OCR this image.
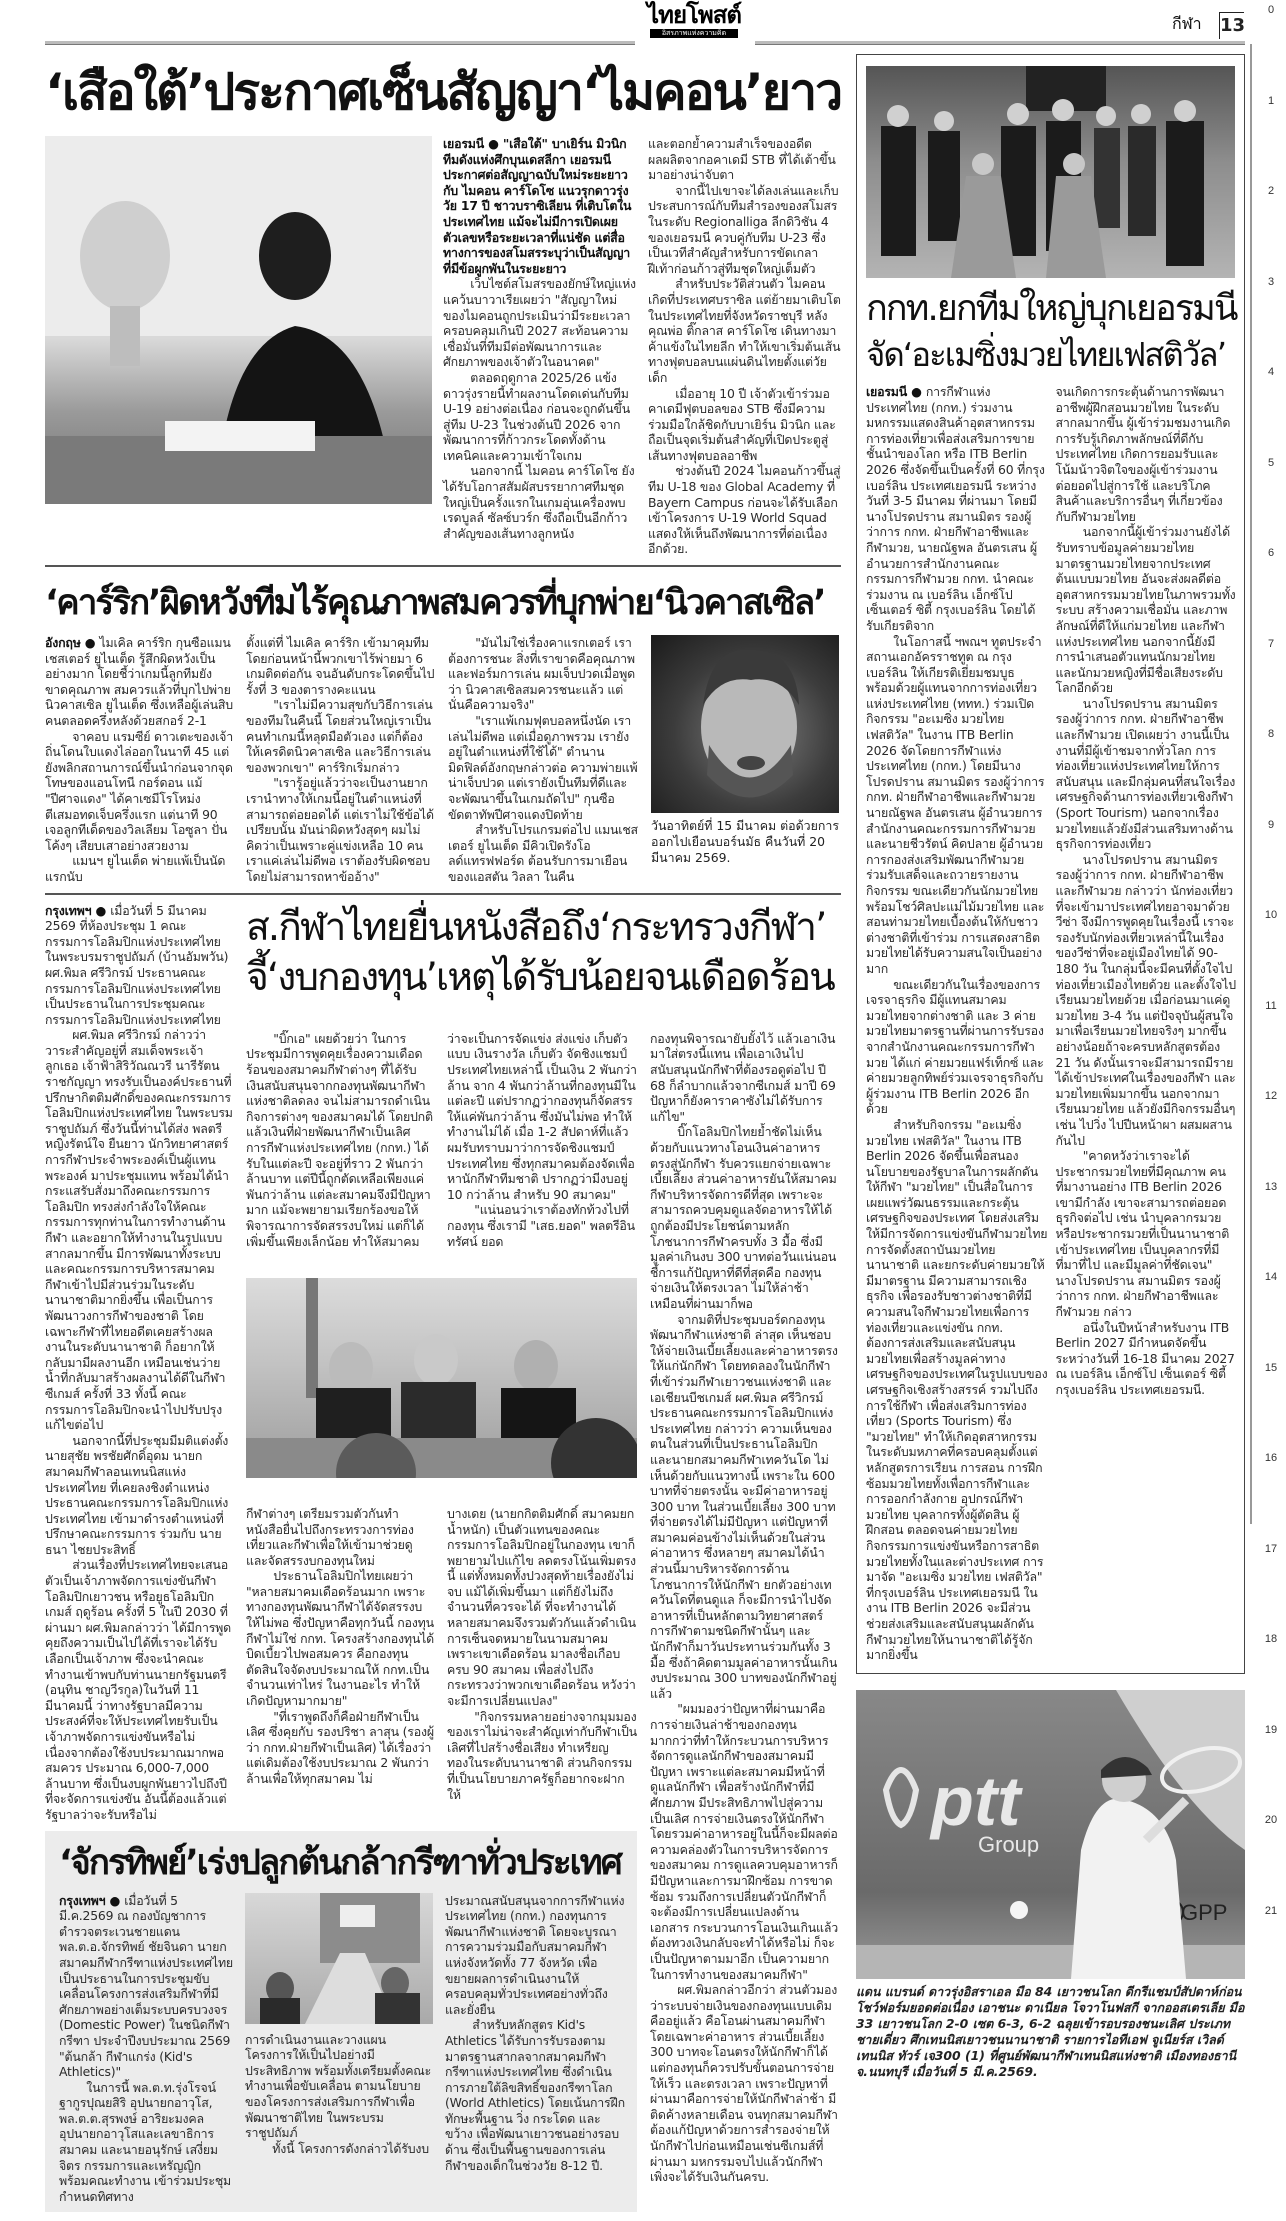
ไทยโพสต์
อิสรภาพแห่งความคิด	กีฬา 13
0
1
2
3
4
5
6
7
8
9
10
11
12
13
14
15
16
17
18
19
20
21
‘เสือใต้’ประกาศเซ็นสัญญา‘ไมคอน’ยาว

เยอรมนี ● "เสือใต้" บาเยิร์น มิวนิก ทีมดังแห่งศึกบุนเดสลีกา เยอรมนี ประกาศต่อสัญญาฉบับใหม่ระยะยาวกับ ไมคอน คาร์โดโซ แนวรุกดาวรุ่งวัย 17 ปี ชาวบราซิเลียน ที่เติบโตในประเทศไทย แม้จะไม่มีการเปิดเผยตัวเลขหรือระยะเวลาที่แน่ชัด แต่สื่อทางการของสโมสรระบุว่าเป็นสัญญาที่มีข้อผูกพันในระยะยาว

เว็บไซต์สโมสรของยักษ์ใหญ่แห่งแคว้นบาวาเรียเผยว่า "สัญญาใหม่ของไมคอนถูกประเมินว่ามีระยะเวลาครอบคลุมเกินปี 2027 สะท้อนความเชื่อมั่นที่ทีมมีต่อพัฒนาการและศักยภาพของเจ้าตัวในอนาคต"

ตลอดฤดูกาล 2025/26 แข้งดาวรุ่งรายนี้ทำผลงานโดดเด่นกับทีม U-19 อย่างต่อเนื่อง ก่อนจะถูกดันขึ้นสู่ทีม U-23 ในช่วงต้นปี 2026 จากพัฒนาการที่ก้าวกระโดดทั้งด้านเทคนิคและความเข้าใจเกม

นอกจากนี้ ไมคอน คาร์โดโซ ยังได้รับโอกาสสัมผัสบรรยากาศทีมชุดใหญ่เป็นครั้งแรกในเกมอุ่นเครื่องพบ เรดบูลล์ ซัลซ์บวร์ก ซึ่งถือเป็นอีกก้าวสำคัญของเส้นทางลูกหนัง

และตอกย้ำความสำเร็จของอดีตผลผลิตจากอคาเดมี STB ที่ได้เต้าขึ้นมาอย่างน่าจับตา

จากนี้ไปเขาจะได้ลงเล่นและเก็บประสบการณ์กับทีมสำรองของสโมสร ในระดับ Regionalliga ลีกดิวิชัน 4 ของเยอรมนี ควบคู่กับทีม U-23 ซึ่งเป็นเวทีสำคัญสำหรับการขัดเกลาฝีเท้าก่อนก้าวสู่ทีมชุดใหญ่เต็มตัว

สำหรับประวัติส่วนตัว ไมคอนเกิดที่ประเทศบราซิล แต่ย้ายมาเติบโตในประเทศไทยที่จังหวัดราชบุรี หลังคุณพ่อ ติ๊กลาส คาร์โดโซ เดินทางมาค้าแข้งในไทยลีก ทำให้เขาเริ่มต้นเส้นทางฟุตบอลบนแผ่นดินไทยตั้งแต่วัยเด็ก

เมื่ออายุ 10 ปี เจ้าตัวเข้าร่วมอคาเดมีฟุตบอลของ STB ซึ่งมีความร่วมมือใกล้ชิดกับบาเยิร์น มิวนิก และถือเป็นจุดเริ่มต้นสำคัญที่เปิดประตูสู่เส้นทางฟุตบอลอาชีพ

ช่วงต้นปี 2024 ไมคอนก้าวขึ้นสู่ทีม U-18 ของ Global Academy ที่ Bayern Campus ก่อนจะได้รับเลือกเข้าโครงการ U-19 World Squad แสดงให้เห็นถึงพัฒนาการที่ต่อเนื่องอีกด้วย.

‘คาร์ริก’ผิดหวังทีมไร้คุณภาพสมควรที่บุกพ่าย‘นิวคาสเซิล’
อังกฤษ ● ไมเคิล คาร์ริก กุนซือแมนเชสเตอร์ ยูไนเต็ด รู้สึกผิดหวังเป็นอย่างมาก โดยชี้ว่าเกมนี้ลูกทีมยังขาดคุณภาพ สมควรแล้วที่บุกไปพ่ายนิวคาสเซิล ยูไนเต็ด ซึ่งเหลือผู้เล่นสิบคนตลอดครึ่งหลังด้วยสกอร์ 2-1

จาคอบ แรมซีย์ ดาวเตะของเจ้าถิ่นโดนใบแดงไล่ออกในนาที 45 แต่ยังพลิกสถานการณ์ขึ้นนำก่อนจากจุดโทษของแอนโทนี กอร์ดอน แม้ "ปีศาจแดง" ได้คาเซมีโรโหม่งตีเสมอทดเจ็บครึ่งแรก แต่นาที 90 เจอลูกทีเด็ดของวิลเลียม โอซูลา ปั่นโค้งๆ เสียบเสาอย่างสวยงาม

แมนฯ ยูไนเต็ด พ่ายแพ้เป็นนัดแรกนับ

ตั้งแต่ที่ ไมเคิล คาร์ริก เข้ามาคุมทีม โดยก่อนหน้านี้พวกเขาไร้พ่ายมา 6 เกมติดต่อกัน จนอันดับกระโดดขึ้นไปรั้งที่ 3 ของตารางคะแนน

"เราไม่มีความสุขกับวิธีการเล่นของทีมในคืนนี้ โดยส่วนใหญ่เราเป็นคนทำเกมนี้หลุดมือตัวเอง แต่ก็ต้องให้เครดิตนิวคาสเซิล และวิธีการเล่นของพวกเขา" คาร์ริกเริ่มกล่าว

"เรารู้อยู่แล้วว่าจะเป็นงานยาก เรานำทางให้เกมนี้อยู่ในตำแหน่งที่สามารถต่อยอดได้ แต่เราไม่ใช้ข้อได้เปรียบนั้น มันน่าผิดหวังสุดๆ ผมไม่คิดว่าเป็นเพราะคู่แข่งเหลือ 10 คน เราแค่เล่นไม่ดีพอ เราต้องรับผิดชอบโดยไม่สามารถหาข้ออ้าง"

"มันไม่ใช่เรื่องคาแรกเตอร์ เราต้องการชนะ สิ่งที่เราขาดคือคุณภาพและฟอร์มการเล่น ผมเจ็บปวดเมื่อพูดว่า นิวคาสเซิลสมควรชนะแล้ว แต่นั่นคือความจริง"

"เราแพ้เกมฟุตบอลหนึ่งนัด เราเล่นไม่ดีพอ แต่เมื่อดูภาพรวม เรายังอยู่ในตำแหน่งที่ใช้ได้" ตำนานมิดฟิลด์อังกฤษกล่าวต่อ ความพ่ายแพ้น่าเจ็บปวด แต่เรายังเป็นทีมที่ดีและจะพัฒนาขึ้นในเกมถัดไป" กุนซือขัดตาทัพปีศาจแดงปิดท้าย

สำหรับโปรแกรมต่อไป แมนเชสเตอร์ ยูไนเต็ด มีคิวเปิดรังโอลด์แทรฟฟอร์ด ต้อนรับการมาเยือนของแอสตัน วิลลา ในคืน

วันอาทิตย์ที่ 15 มีนาคม ต่อด้วยการออกไปเยือนบอร์นมัธ คืนวันที่ 20 มีนาคม 2569.
กรุงเทพฯ ● เมื่อวันที่ 5 มีนาคม 2569 ที่ห้องประชุม 1 คณะกรรมการโอลิมปิกแห่งประเทศไทย ในพระบรมราชูปถัมภ์ (บ้านอัมพวัน) ผศ.พิมล ศรีวิกรม์ ประธานคณะกรรมการโอลิมปิกแห่งประเทศไทย เป็นประธานในการประชุมคณะกรรมการโอลิมปิกแห่งประเทศไทย

ผศ.พิมล ศรีวิกรม์ กล่าวว่า วาระสำคัญอยู่ที่ สมเด็จพระเจ้าลูกเธอ เจ้าฟ้าสิริวัณณวรี นารีรัตนราชกัญญา ทรงรับเป็นองค์ประธานที่ปรึกษากิตติมศักดิ์ของคณะกรรมการโอลิมปิกแห่งประเทศไทย ในพระบรมราชูปถัมภ์ ซึ่งวันนี้ท่านได้ส่ง พลตรีหญิงรัตน์ใจ ยืนยาว นักวิทยาศาสตร์การกีฬาประจำพระองค์เป็นผู้แทนพระองค์ มาประชุมแทน พร้อมได้นำกระแสรับสั่งมาถึงคณะกรรมการโอลิมปิก ทรงส่งกำลังใจให้คณะกรรมการทุกท่านในการทำงานด้านกีฬา และอยากให้ทำงานในรูปแบบสากลมากขึ้น มีการพัฒนาทั้งระบบ และคณะกรรมการบริหารสมาคมกีฬาเข้าไปมีส่วนร่วมในระดับนานาชาติมากยิ่งขึ้น เพื่อเป็นการพัฒนาวงการกีฬาของชาติ โดยเฉพาะกีฬาที่ไทยอดีตเคยสร้างผลงานในระดับนานาชาติ ก็อยากให้กลับมามีผลงานอีก เหมือนเช่นว่ายน้ำที่กลับมาสร้างผลงานได้ดีในกีฬาซีเกมส์ ครั้งที่ 33 ทั้งนี้ คณะกรรมการโอลิมปิกจะนำไปปรับปรุงแก้ไขต่อไป

นอกจากนี้ที่ประชุมมีมติแต่งตั้ง นายสุชัย พรชัยศักดิ์อุดม นายกสมาคมกีฬาลอนเทนนิสแห่งประเทศไทย ที่เคยลงชิงตำแหน่งประธานคณะกรรมการโอลิมปิกแห่งประเทศไทย เข้ามาดำรงตำแหน่งที่ปรึกษาคณะกรรมการ ร่วมกับ นายธนา ไชยประสิทธิ์

ส่วนเรื่องที่ประเทศไทยจะเสนอตัวเป็นเจ้าภาพจัดการแข่งขันกีฬาโอลิมปิกเยาวชน หรือยูธโอลิมปิกเกมส์ ฤดูร้อน ครั้งที่ 5 ในปี 2030 ที่ผ่านมา ผศ.พิมลกล่าวว่า ได้มีการพูดคุยถึงความเป็นไปได้ที่เราจะได้รับเลือกเป็นเจ้าภาพ ซึ่งจะนำคณะทำงานเข้าพบกับท่านนายกรัฐมนตรี (อนุทิน ชาญวีรกูล)ในวันที่ 11 มีนาคมนี้ ว่าทางรัฐบาลมีความประสงค์ที่จะให้ประเทศไทยรับเป็นเจ้าภาพจัดการแข่งขันหรือไม่ เนื่องจากต้องใช้งบประมาณมากพอสมควร ประมาณ 6,000-7,000 ล้านบาท ซึ่งเป็นงบผูกพันยาวไปถึงปีที่จะจัดการแข่งขัน อันนี้ต้องแล้วแต่รัฐบาลว่าจะรับหรือไม่

ส.กีฬาไทยยื่นหนังสือถึง‘กระทรวงกีฬา’
จี้‘งบกองทุน’เหตุได้รับน้อยจนเดือดร้อน

"บิ๊กเอ" เผยด้วยว่า ในการประชุมมีการพูดคุยเรื่องความเดือดร้อนของสมาคมกีฬาต่างๆ ที่ได้รับเงินสนับสนุนจากกองทุนพัฒนากีฬาแห่งชาติลดลง จนไม่สามารถดำเนินกิจการต่างๆ ของสมาคมได้ โดยปกติแล้วเงินที่ฝ่ายพัฒนากีฬาเป็นเลิศ การกีฬาแห่งประเทศไทย (กกท.) ได้รับในแต่ละปี จะอยู่ที่ราว 2 พันกว่าล้านบาท แต่ปีนี้ถูกตัดเหลือเพียงแค่พันกว่าล้าน แต่ละสมาคมจึงมีปัญหามาก แม้จะพยายามเรียกร้องขอให้พิจารณาการจัดสรรงบใหม่ แต่ก็ได้เพิ่มขึ้นเพียงเล็กน้อย ทำให้สมาคม

ว่าจะเป็นการจัดแข่ง ส่งแข่ง เก็บตัวแบบ เงินรางวัล เก็บตัว จัดชิงแชมป์ประเทศไทยเหล่านี้ เป็นเงิน 2 พันกว่าล้าน จาก 4 พันกว่าล้านที่กองทุนมีในแต่ละปี แต่ปรากฏว่ากองทุนก็จัดสรรให้แค่พันกว่าล้าน ซึ่งมันไม่พอ ทำให้ทำงานไม่ได้ เมื่อ 1-2 สัปดาห์ที่แล้ว ผมรับทราบมาว่าการจัดชิงแชมป์ประเทศไทย ซึ่งทุกสมาคมต้องจัดเพื่อหานักกีฬาทีมชาติ ปรากฏว่ามีงบอยู่ 10 กว่าล้าน สำหรับ 90 สมาคม"

"แน่นอนว่าเราต้องทักท้วงไปที่กองทุน ซึ่งเรามี "เสธ.ยอด" พลตรีอินทรัศน์ ยอด

กองทุนพิจารณายับยั้งไว้ แล้วเอาเงินมาใส่ตรงนี้แทน เพื่อเอาเงินไปสนับสนุนนักกีฬาที่ต้องรอดูต่อไป ปี 68 ก็ลำบากแล้วจากซีเกมส์ มาปี 69 ปัญหาก็ยังคาราคาซังไม่ได้รับการแก้ไข"

บิ๊กโอลิมปิกไทยย้ำชัดไม่เห็นด้วยกับแนวทางโอนเงินค่าอาหารตรงสู่นักกีฬา รับควรแยกจ่ายเฉพาะเบี้ยเลี้ยง ส่วนค่าอาหารยันให้สมาคมกีฬาบริหารจัดการดีที่สุด เพราะจะสามารถควบคุมดูแลจัดอาหารให้ได้ถูกต้องมีประโยชน์ตามหลักโภชนาการกีฬาครบทั้ง 3 มื้อ ซึ่งมีมูลค่าเกินงบ 300 บาทต่อวันแน่นอน ชี้การแก้ปัญหาที่ดีที่สุดคือ กองทุนจ่ายเงินให้ตรงเวลา ไม่ให้ล่าช้าเหมือนที่ผ่านมาก็พอ

จากมติที่ประชุมบอร์ดกองทุนพัฒนากีฬาแห่งชาติ ล่าสุด เห็นชอบให้จ่ายเงินเบี้ยเลี้ยงและค่าอาหารตรงให้แก่นักกีฬา โดยทดลองในนักกีฬาที่เข้าร่วมกีฬาเยาวชนแห่งชาติ และเอเชียนบีชเกมส์ ผศ.พิมล ศรีวิกรม์ ประธานคณะกรรมการโอลิมปิกแห่งประเทศไทย กล่าวว่า ความเห็นของตนในส่วนที่เป็นประธานโอลิมปิก และนายกสมาคมกีฬาเทควันโด ไม่เห็นด้วยกับแนวทางนี้ เพราะใน 600 บาทที่จ่ายตรงนั้น จะมีค่าอาหารอยู่ 300 บาท ในส่วนเบี้ยเลี้ยง 300 บาท ที่จ่ายตรงได้ไม่มีปัญหา แต่ปัญหาที่สมาคมค่อนข้างไม่เห็นด้วยในส่วนค่าอาหาร ซึ่งหลายๆ สมาคมได้นำส่วนนี้มาบริหารจัดการด้านโภชนาการให้นักกีฬา ยกตัวอย่างเทควันโดที่ตนดูแล ก็จะมีการนำไปจัดอาหารที่เป็นหลักตามวิทยาศาสตร์การกีฬาตามชนิดกีฬานั้นๆ และนักกีฬาก็มาวันประทานร่วมกันทั้ง 3 มื้อ ซึ่งถ้าคิดตามมูลค่าอาหารนั้นเกินงบประมาณ 300 บาทของนักกีฬาอยู่แล้ว

"ผมมองว่าปัญหาที่ผ่านมาคือการจ่ายเงินล่าช้าของกองทุน มากกว่าที่ทำให้กระบวนการบริหารจัดการดูแลนักกีฬาของสมาคมมีปัญหา เพราะแต่ละสมาคมมีหน้าที่ดูแลนักกีฬา เพื่อสร้างนักกีฬาที่มีศักยภาพ มีประสิทธิภาพไปสู่ความเป็นเลิศ การจ่ายเงินตรงให้นักกีฬาโดยรวมค่าอาหารอยู่ในนี้ก็จะมีผลต่อความคล่องตัวในการบริหารจัดการของสมาคม การดูแลควบคุมอาหารก็มีปัญหาและการมาฝึกซ้อม การขาดซ้อม รวมถึงการเปลี่ยนตัวนักกีฬาก็จะต้องมีการเปลี่ยนแปลงด้านเอกสาร กระบวนการโอนเงินเกินแล้วต้องทวงเงินกลับจะทำได้หรือไม่ ก็จะเป็นปัญหาตามมาอีก เป็นความยากในการทำงานของสมาคมกีฬา"

ผศ.พิมลกล่าวอีกว่า ส่วนตัวมองว่าระบบจ่ายเงินของกองทุนแบบเดิมคืออยู่แล้ว คือโอนผ่านสมาคมกีฬา โดยเฉพาะค่าอาหาร ส่วนเบี้ยเลี้ยง 300 บาทจะโอนตรงให้นักกีฬาก็ได้ แต่กองทุนก็ควรปรับขั้นตอนการจ่ายให้เร็ว และตรงเวลา เพราะปัญหาที่ผ่านมาคือการจ่ายให้นักกีฬาล่าช้า มีติดค้างหลายเดือน จนทุกสมาคมกีฬาต้องแก้ปัญหาด้วยการสำรองจ่ายให้นักกีฬาไปก่อนเหมือนเช่นซีเกมส์ที่ผ่านมา มหกรรมจบไปแล้วนักกีฬาเพิ่งจะได้รับเงินกันครบ.

กีฬาต่างๆ เตรียมรวมตัวกันทำหนังสือยื่นไปถึงกระทรวงการท่องเที่ยวและกีฬาเพื่อให้เข้ามาช่วยดูและจัดสรรงบกองทุนใหม่

ประธานโอลิมปิกไทยเผยว่า "หลายสมาคมเดือดร้อนมาก เพราะทางกองทุนพัฒนากีฬาได้จัดสรรงบให้ไม่พอ ซึ่งปัญหาคือทุกวันนี้ กองทุนกีฬาไม่ใช่ กกท. โครงสร้างกองทุนได้บิดเบี้ยวไปพอสมควร คือกองทุนตัดสินใจจัดงบประมาณให้ กกท.เป็นจำนวนเท่าไหร่ ในงานอะไร ทำให้เกิดปัญหามากมาย"

"ที่เราพูดถึงก็คือฝ่ายกีฬาเป็นเลิศ ซึ่งคุยกับ รองปริชา ลาสุน (รองผู้ว่า กกท.ฝ่ายกีฬาเป็นเลิศ) ได้เรื่องว่า แต่เดิมต้องใช้งบประมาณ 2 พันกว่าล้านเพื่อให้ทุกสมาคม ไม่

บางเดย (นายกกิตติมศักดิ์ สมาคมยกน้ำหนัก) เป็นตัวแทนของคณะกรรมการโอลิมปิกอยู่ในกองทุน เขาก็พยายามไปแก้ไข ลดตรงโน้นเพิ่มตรงนี้ แต่ทั้งหมดทั้งปวงสุดท้ายเรื่องยังไม่จบ แม้ได้เพิ่มขึ้นมา แต่ก็ยังไม่ถึงจำนวนที่ควรจะได้ ที่จะทำงานได้ หลายสมาคมจึงรวมตัวกันแล้วดำเนินการเซ็นจดหมายในนามสมาคม เพราะเขาเดือดร้อน มาลงชื่อเกือบครบ 90 สมาคม เพื่อส่งไปถึงกระทรวงว่าพวกเขาเดือดร้อน หวังว่าจะมีการเปลี่ยนแปลง"

"กิจกรรมหลายอย่างจากมุมมองของเราไม่น่าจะสำคัญเท่ากับกีฬาเป็นเลิศที่ไปสร้างชื่อเสียง ทำเหรียญทองในระดับนานาชาติ ส่วนกิจกรรมที่เป็นนโยบายภาครัฐก็อยากจะฝากให้

‘จักรทิพย์’เร่งปลูกต้นกล้ากรีฑาทั่วประเทศ
กรุงเทพฯ ● เมื่อวันที่ 5 มี.ค.2569 ณ กองบัญชาการตำรวจตระเวนชายแดน พล.ต.อ.จักรทิพย์ ชัยจินดา นายกสมาคมกีฬากรีฑาแห่งประเทศไทย เป็นประธานในการประชุมขับเคลื่อนโครงการส่งเสริมกีฬาที่มีศักยภาพอย่างเต็มระบบครบวงจร (Domestic Power) ในชนิดกีฬากรีฑา ประจำปีงบประมาณ 2569 "ต้นกล้า กีฬาแกร่ง (Kid's Athletics)"

ในการนี้ พล.ต.ท.รุ่งโรจน์ ฐากูรปุณยสิริ อุปนายกอาวุโส, พล.ต.ต.สุรพงษ์ อาริยะมงคล อุปนายกอาวุโสและเลขาธิการสมาคม และนายอนุรักษ์ เสงี่ยมจิตร กรรมการและเหรัญญิก พร้อมคณะทำงาน เข้าร่วมประชุมกำหนดทิศทาง

การดำเนินงานและวางแผนโครงการให้เป็นไปอย่างมีประสิทธิภาพ พร้อมทั้งเตรียมตั้งคณะทำงานเพื่อขับเคลื่อน ตามนโยบายของโครงการส่งเสริมการกีฬาเพื่อพัฒนาชาติไทย ในพระบรมราชูปถัมภ์

ทั้งนี้ โครงการดังกล่าวได้รับงบ

ประมาณสนับสนุนจากการกีฬาแห่งประเทศไทย (กกท.) กองทุนการพัฒนากีฬาแห่งชาติ โดยจะบูรณาการความร่วมมือกับสมาคมกีฬาแห่งจังหวัดทั้ง 77 จังหวัด เพื่อขยายผลการดำเนินงานให้ครอบคลุมทั่วประเทศอย่างทั่วถึงและยั่งยืน

สำหรับหลักสูตร Kid's Athletics ได้รับการรับรองตามมาตรฐานสากลจากสมาคมกีฬากรีฑาแห่งประเทศไทย ซึ่งดำเนินการภายใต้ลิขสิทธิ์ของกรีฑาโลก (World Athletics) โดยเน้นการฝึกทักษะพื้นฐาน วิ่ง กระโดด และขว้าง เพื่อพัฒนาเยาวชนอย่างรอบด้าน ซึ่งเป็นพื้นฐานของการเล่นกีฬาของเด็กในช่วงวัย 8-12 ปี.

กกท.ยกทีมใหญ่บุกเยอรมนี
จัด‘อะเมซิ่งมวยไทยเฟสติวัล’
เยอรมนี ● การกีฬาแห่งประเทศไทย (กกท.) ร่วมงานมหกรรมแสดงสินค้าอุตสาหกรรมการท่องเที่ยวเพื่อส่งเสริมการขายชั้นนำของโลก หรือ ITB Berlin 2026 ซึ่งจัดขึ้นเป็นครั้งที่ 60 ที่กรุงเบอร์ลิน ประเทศเยอรมนี ระหว่างวันที่ 3-5 มีนาคม ที่ผ่านมา โดยมีนางโปรดปราน สมานมิตร รองผู้ว่าการ กกท. ฝ่ายกีฬาอาชีพและกีฬามวย, นายณัฐพล อันตรเสน ผู้อำนวยการสำนักงานคณะกรรมการกีฬามวย กกท. นำคณะร่วมงาน ณ เบอร์ลิน เอ็กซ์โป เซ็นเตอร์ ซิตี้ กรุงเบอร์ลิน โดยได้รับเกียรติจาก

ในโอกาสนี้ ฯพณฯ ทูตประจำสถานเอกอัครราชทูต ณ กรุงเบอร์ลิน ให้เกียรติเยี่ยมชมบูธ พร้อมด้วยผู้แทนจากการท่องเที่ยวแห่งประเทศไทย (ททท.) ร่วมเปิดกิจกรรม "อะเมซิ่ง มวยไทย เฟสติวัล" ในงาน ITB Berlin 2026 จัดโดยการกีฬาแห่งประเทศไทย (กกท.) โดยมีนางโปรดปราน สมานมิตร รองผู้ว่าการ กกท. ฝ่ายกีฬาอาชีพและกีฬามวย นายณัฐพล อันตรเสน ผู้อำนวยการสำนักงานคณะกรรมการกีฬามวย และนายชีวรัตน์ คิดปลาย ผู้อำนวยการกองส่งเสริมพัฒนากีฬามวย ร่วมรับเสด็จและถวายรายงานกิจกรรม ขณะเดียวกันนักมวยไทยพร้อมโชว์ศิลปะแม่ไม้มวยไทย และสอนท่ามวยไทยเบื้องต้นให้กับชาวต่างชาติที่เข้าร่วม การแสดงสาธิตมวยไทยได้รับความสนใจเป็นอย่างมาก

ขณะเดียวกันในเรื่องของการเจรจาธุรกิจ มีผู้แทนสมาคมมวยไทยจากต่างชาติ และ 3 ค่ายมวยไทยมาตรฐานที่ผ่านการรับรองจากสำนักงานคณะกรรมการกีฬามวย ได้แก่ ค่ายมวยแฟร์เท็กซ์ และค่ายมวยลูกทิพย์ร่วมเจรจาธุรกิจกับผู้ร่วมงาน ITB Berlin 2026 อีกด้วย

สำหรับกิจกรรม "อะเมซิ่ง มวยไทย เฟสติวัล" ในงาน ITB Berlin 2026 จัดขึ้นเพื่อสนองนโยบายของรัฐบาลในการผลักดันให้กีฬา "มวยไทย" เป็นสื่อในการเผยแพร่วัฒนธรรมและกระตุ้นเศรษฐกิจของประเทศ โดยส่งเสริมให้มีการจัดการแข่งขันกีฬามวยไทย การจัดตั้งสถาบันมวยไทยนานาชาติ และยกระดับค่ายมวยให้มีมาตรฐาน มีความสามารถเชิงธุรกิจ เพื่อรองรับชาวต่างชาติที่มีความสนใจกีฬามวยไทยเพื่อการท่องเที่ยวและแข่งขัน กกท. ต้องการส่งเสริมและสนับสนุนมวยไทยเพื่อสร้างมูลค่าทางเศรษฐกิจของประเทศในรูปแบบของเศรษฐกิจเชิงสร้างสรรค์ รวมไปถึงการใช้กีฬา เพื่อส่งเสริมการท่องเที่ยว (Sports Tourism) ซึ่ง "มวยไทย" ทำให้เกิดอุตสาหกรรมในระดับมหภาคที่ครอบคลุมตั้งแต่หลักสูตรการเรียน การสอน การฝึกซ้อมมวยไทยทั้งเพื่อการกีฬาและการออกกำลังกาย อุปกรณ์กีฬามวยไทย บุคลากรทั้งผู้ตัดสิน ผู้ฝึกสอน ตลอดจนค่ายมวยไทย กิจกรรมการแข่งขันหรือการสาธิตมวยไทยทั้งในและต่างประเทศ การมาจัด "อะเมซิ่ง มวยไทย เฟสติวัล" ที่กรุงเบอร์ลิน ประเทศเยอรมนี ในงาน ITB Berlin 2026 จะมีส่วนช่วยส่งเสริมและสนับสนุนผลักดันกีฬามวยไทยให้นานาชาติได้รู้จักมากยิ่งขึ้น

จนเกิดการกระตุ้นด้านการพัฒนาอาชีพผู้ฝึกสอนมวยไทย ในระดับสากลมากขึ้น ผู้เข้าร่วมชมงานเกิดการรับรู้เกิดภาพลักษณ์ที่ดีกับประเทศไทย เกิดการยอมรับและโน้มน้าวจิตใจของผู้เข้าร่วมงานต่อยอดไปสู่การใช้ และบริโภคสินค้าและบริการอื่นๆ ที่เกี่ยวข้องกับกีฬามวยไทย

นอกจากนี้ผู้เข้าร่วมงานยังได้รับทราบข้อมูลค่ายมวยไทย มาตรฐานมวยไทยจากประเทศต้นแบบมวยไทย อันจะส่งผลดีต่ออุตสาหกรรมมวยไทยในภาพรวมทั้งระบบ สร้างความเชื่อมั่น และภาพลักษณ์ที่ดีให้แก่มวยไทย และกีฬาแห่งประเทศไทย นอกจากนี้ยังมีการนำเสนอตัวแทนนักมวยไทยและนักมวยหญิงที่มีชื่อเสียงระดับโลกอีกด้วย

นางโปรดปราน สมานมิตร รองผู้ว่าการ กกท. ฝ่ายกีฬาอาชีพและกีฬามวย เปิดเผยว่า งานนี้เป็นงานที่มีผู้เข้าชมจากทั่วโลก การท่องเที่ยวแห่งประเทศไทยให้การสนับสนุน และมีกลุ่มคนที่สนใจเรื่องเศรษฐกิจด้านการท่องเที่ยวเชิงกีฬา (Sport Tourism) นอกจากเรื่องมวยไทยแล้วยังมีส่วนเสริมทางด้านธุรกิจการท่องเที่ยว

นางโปรดปราน สมานมิตร รองผู้ว่าการ กกท. ฝ่ายกีฬาอาชีพและกีฬามวย กล่าวว่า นักท่องเที่ยวที่จะเข้ามาประเทศไทยอาจมาด้วยวีซ่า จึงมีการพูดคุยในเรื่องนี้ เราจะรองรับนักท่องเที่ยวเหล่านี้ในเรื่องของวีซ่าที่จะอยู่เมืองไทยได้ 90-180 วัน ในกลุ่มนี้จะมีคนที่ตั้งใจไปท่องเที่ยวเมืองไทยด้วย และตั้งใจไปเรียนมวยไทยด้วย เมื่อก่อนมาแค่ดูมวยไทย 3-4 วัน แต่ปัจจุบันผู้สนใจมาเพื่อเรียนมวยไทยจริงๆ มากขึ้น อย่างน้อยถ้าจะครบหลักสูตรต้อง 21 วัน ดังนั้นเราจะมีสามารถมีรายได้เข้าประเทศในเรื่องของกีฬา และมวยไทยเพิ่มมากขึ้น นอกจากมาเรียนมวยไทย แล้วยังมีกิจกรรมอื่นๆ เช่น ไปวิ่ง ไปปีนหน้าผา ผสมผสานกันไป

"คาดหวังว่าเราจะได้ประชากรมวยไทยที่มีคุณภาพ คนที่มางานอย่าง ITB Berlin 2026 เขามีกำลัง เขาจะสามารถต่อยอดธุรกิจต่อไป เช่น นำบุคลากรมวยหรือประชากรมวยที่เป็นนานาชาติเข้าประเทศไทย เป็นบุคลากรที่มีที่มาที่ไป และมีมูลค่าที่ชัดเจน" นางโปรดปราน สมานมิตร รองผู้ว่าการ กกท. ฝ่ายกีฬาอาชีพและกีฬามวย กล่าว

อนึ่งในปีหน้าสำหรับงาน ITB Berlin 2027 มีกำหนดจัดขึ้นระหว่างวันที่ 16-18 มีนาคม 2027 ณ เบอร์ลิน เอ็กซ์โป เซ็นเตอร์ ซิตี้ กรุงเบอร์ลิน ประเทศเยอรมนี.

ptt
Group
GPP
แดน แบรนด์ ดาวรุ่งอิสราเอล มือ 84 เยาวชนโลก ดีกรีแชมป์สัปดาห์ก่อน โชว์ฟอร์มยอดต่อเนื่อง เอาชนะ ดาเนียล โจวาโนฟสกี จากออสเตรเลีย มือ 33 เยาวชนโลก 2-0 เซต 6-3, 6-2 ฉลุยเข้ารอบรองชนะเลิศ ประเภทชายเดี่ยว ศึกเทนนิสเยาวชนนานาชาติ รายการไอทีเอฟ จูเนียร์ส เวิลด์ เทนนิส ทัวร์ เจ300 (1) ที่ศูนย์พัฒนากีฬาเทนนิสแห่งชาติ เมืองทองธานี จ.นนทบุรี เมื่อวันที่ 5 มี.ค.2569.
